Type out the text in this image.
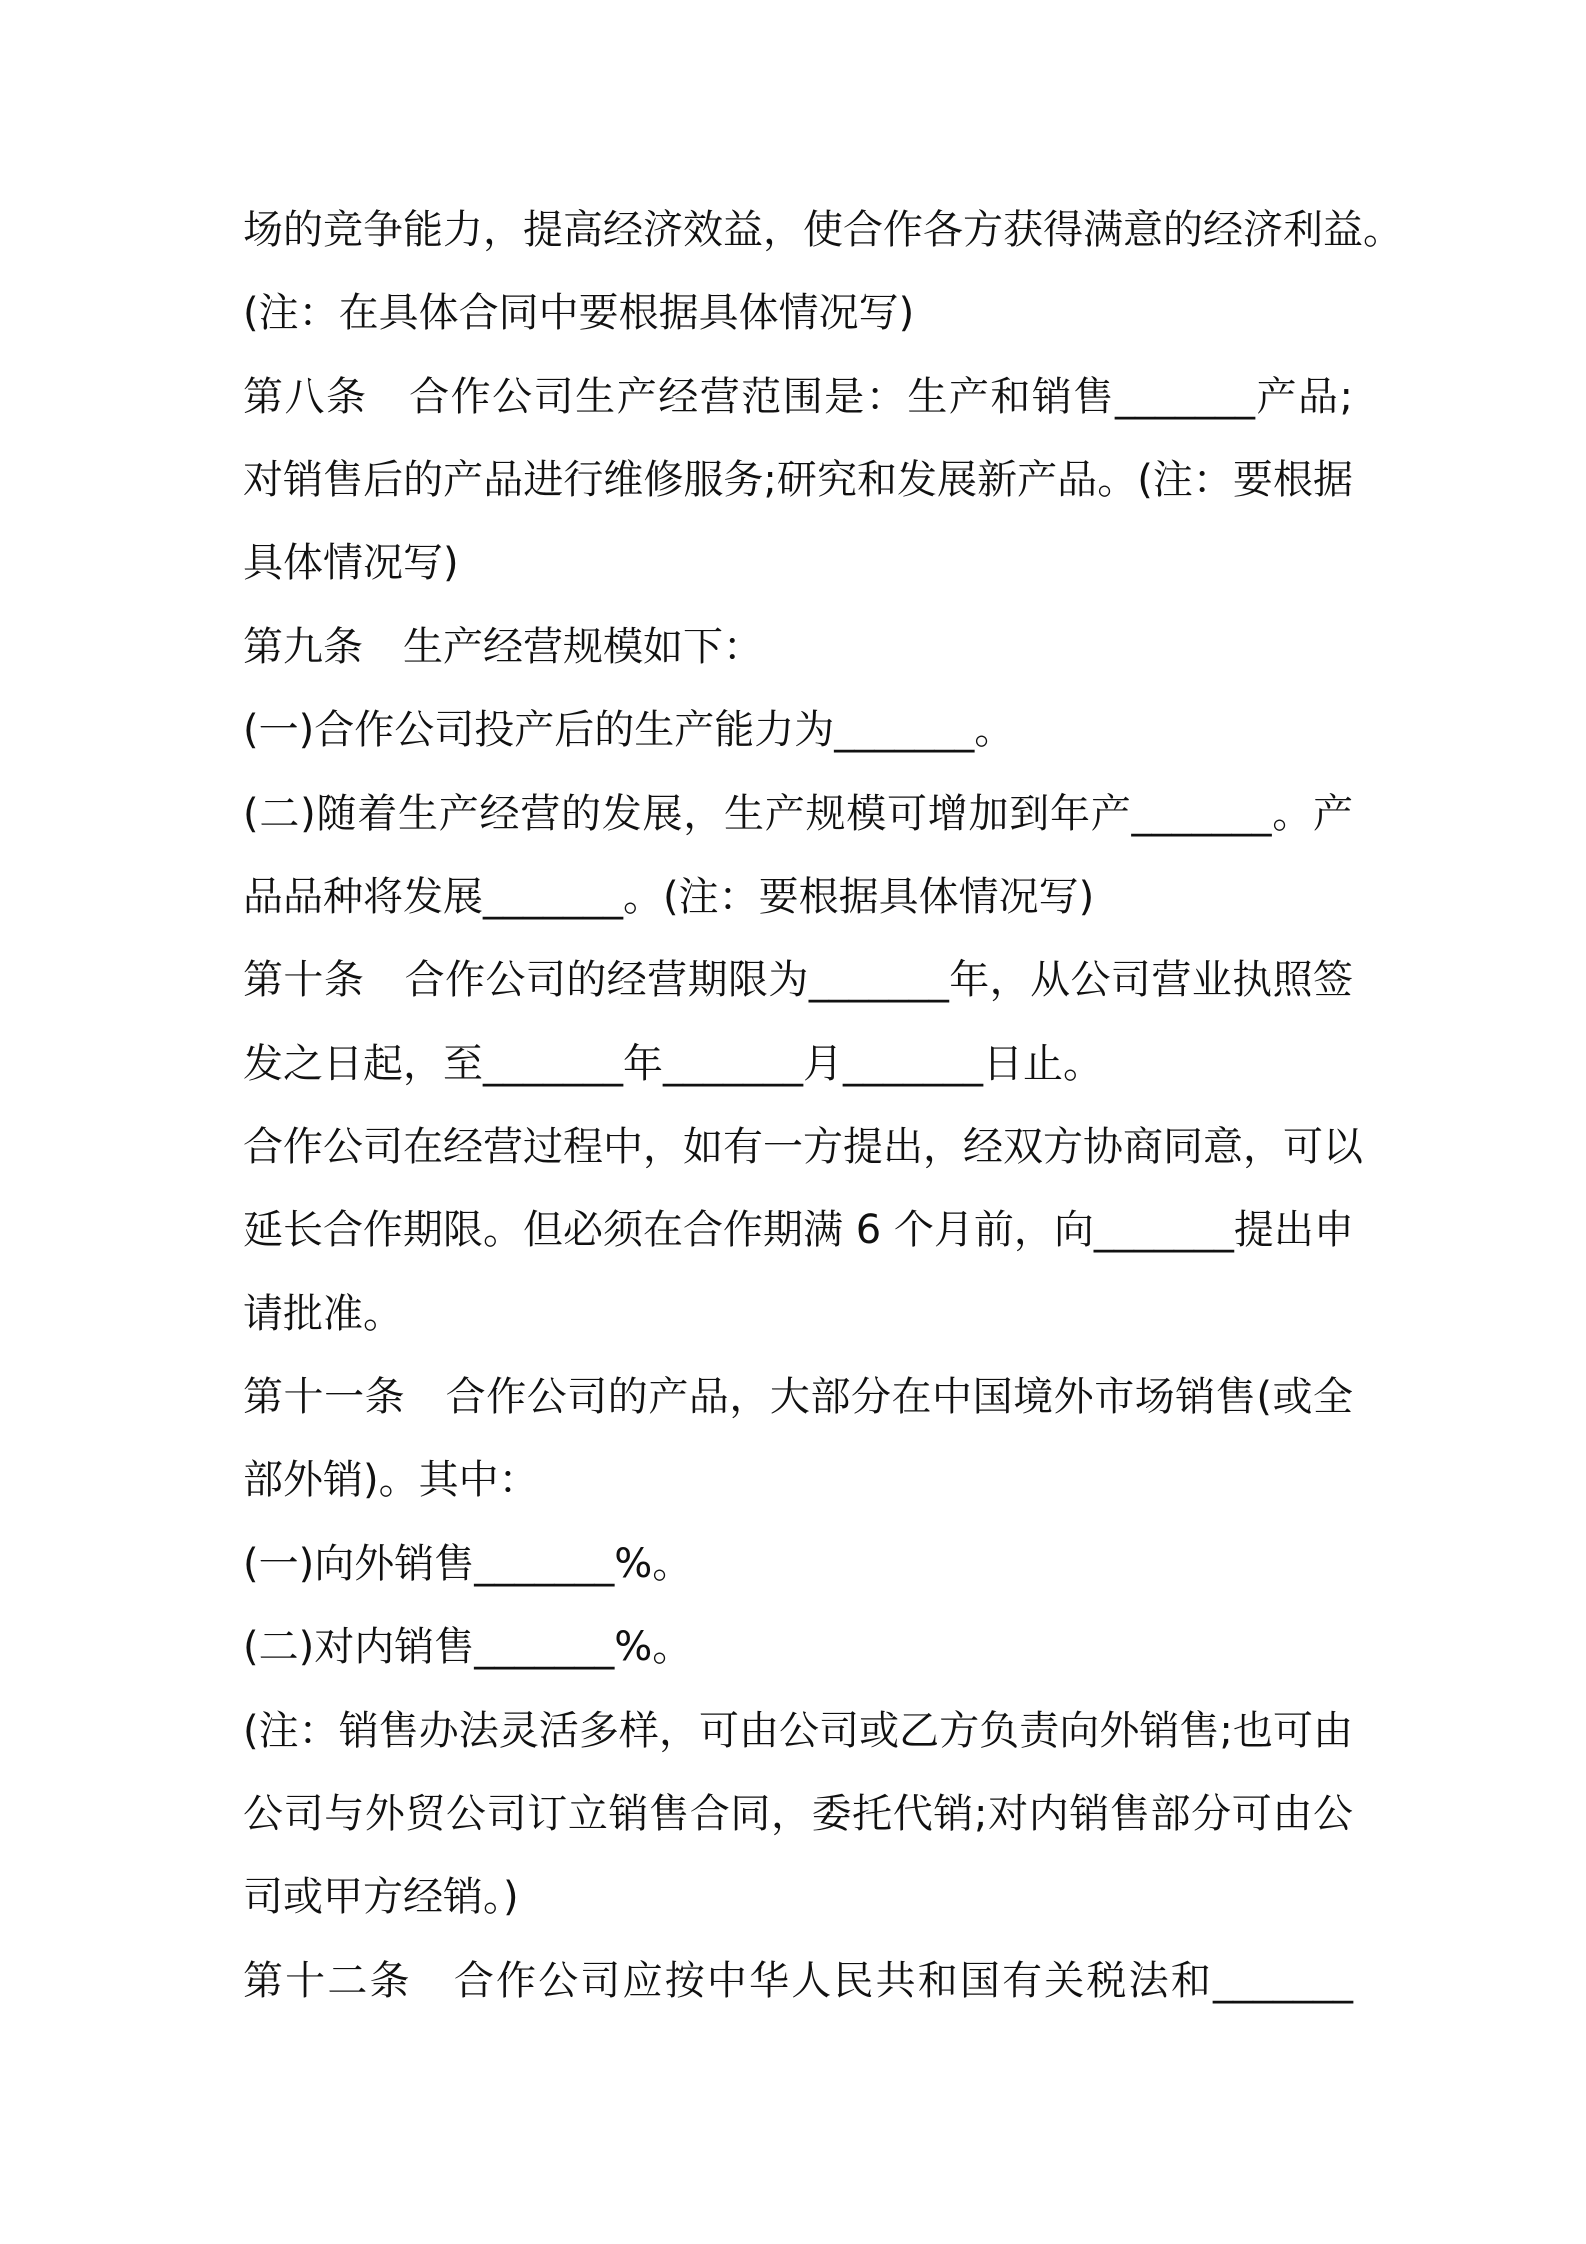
场的竞争能力，提高经济效益，使合作各方获得满意的经济利益。
(注：在具体合同中要根据具体情况写)
第八条　合作公司生产经营范围是：生产和销售_______产品;
对销售后的产品进行维修服务;研究和发展新产品。(注：要根据
具体情况写)
第九条　生产经营规模如下：
(一)合作公司投产后的生产能力为_______。
(二)随着生产经营的发展，生产规模可增加到年产_______。产
品品种将发展_______。(注：要根据具体情况写)
第十条　合作公司的经营期限为_______年，从公司营业执照签
发之日起，至_______年_______月_______日止。
合作公司在经营过程中，如有一方提出，经双方协商同意，可以
延长合作期限。但必须在合作期满 6 个月前，向_______提出申
请批准。
第十一条　合作公司的产品，大部分在中国境外市场销售(或全
部外销)。其中：
(一)向外销售_______%。
(二)对内销售_______%。
(注：销售办法灵活多样，可由公司或乙方负责向外销售;也可由
公司与外贸公司订立销售合同，委托代销;对内销售部分可由公
司或甲方经销。)
第十二条　合作公司应按中华人民共和国有关税法和_______
